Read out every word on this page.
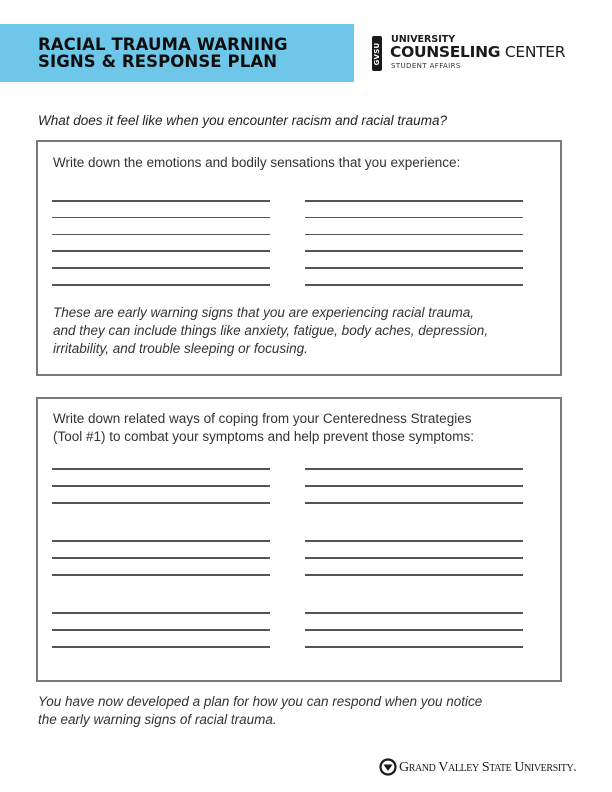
RACIAL TRAUMA WARNING
SIGNS & RESPONSE PLAN	GVSU
UNIVERSITY
COUNSELING CENTER
STUDENT AFFAIRS
What does it feel like when you encounter racism and racial trauma?
Write down the emotions and bodily sensations that you experience:
These are early warning signs that you are experiencing racial trauma,
and they can include things like anxiety, fatigue, body aches, depression,
irritability, and trouble sleeping or focusing.
Write down related ways of coping from your Centeredness Strategies
(Tool #1) to combat your symptoms and help prevent those symptoms:
You have now developed a plan for how you can respond when you notice
the early warning signs of racial trauma.
Grand Valley State University.
